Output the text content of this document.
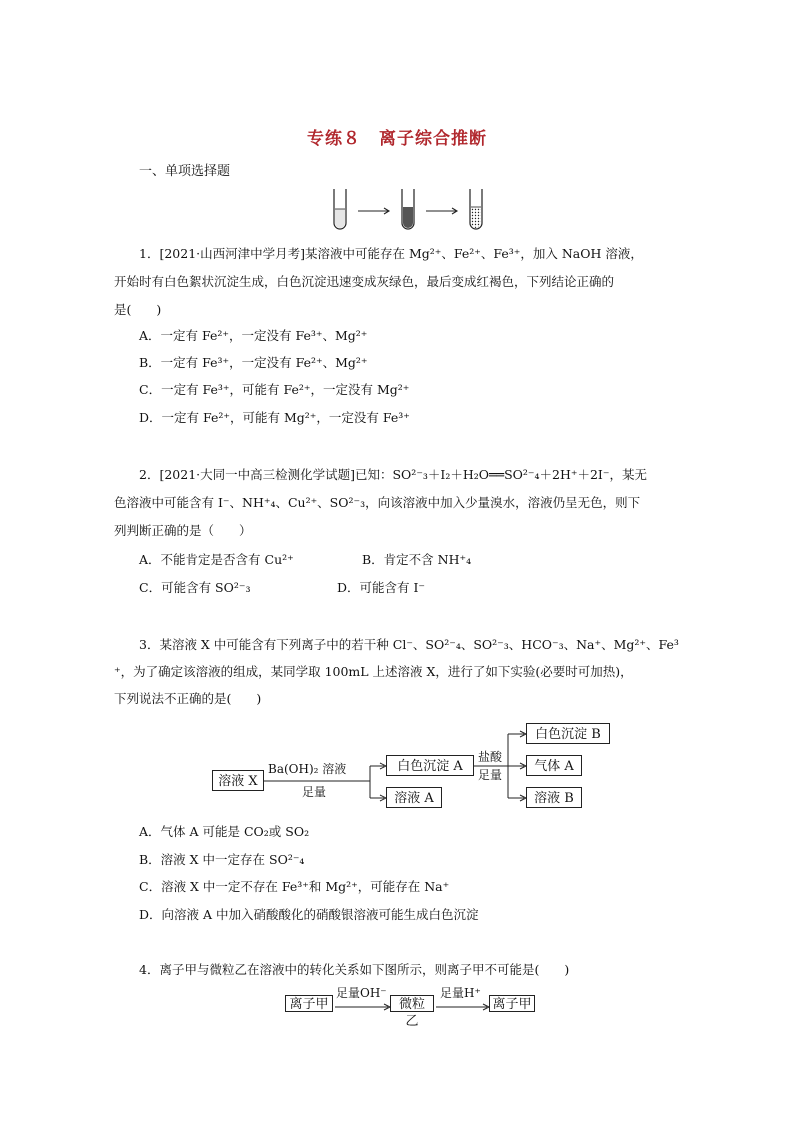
专练８　离子综合推断
一、单项选择题
1．[2021·山西河津中学月考]某溶液中可能存在 Mg²⁺、Fe²⁺、Fe³⁺，加入 NaOH 溶液，
开始时有白色絮状沉淀生成，白色沉淀迅速变成灰绿色，最后变成红褐色，下列结论正确的
是(　　)
A．一定有 Fe²⁺，一定没有 Fe³⁺、Mg²⁺
B．一定有 Fe³⁺，一定没有 Fe²⁺、Mg²⁺
C．一定有 Fe³⁺，可能有 Fe²⁺，一定没有 Mg²⁺
D．一定有 Fe²⁺，可能有 Mg²⁺，一定没有 Fe³⁺
2．[2021·大同一中高三检测化学试题]已知：SO²⁻₃＋I₂＋H₂O══SO²⁻₄＋2H⁺＋2I⁻，某无
色溶液中可能含有 I⁻、NH⁺₄、Cu²⁺、SO²⁻₃，向该溶液中加入少量溴水，溶液仍呈无色，则下
列判断正确的是（　　）
A．不能肯定是否含有 Cu²⁺	B．肯定不含 NH⁺₄
C．可能含有 SO²⁻₃	D．可能含有 I⁻
3．某溶液 X 中可能含有下列离子中的若干种 Cl⁻、SO²⁻₄、SO²⁻₃、HCO⁻₃、Na⁺、Mg²⁺、Fe³
⁺，为了确定该溶液的组成，某同学取 100mL 上述溶液 X，进行了如下实验(必要时可加热)，
下列说法不正确的是(　　)
溶液 X
Ba(OH)₂ 溶液
足量
白色沉淀 A
溶液 A
盐酸
足量
白色沉淀 B
气体 A
溶液 B
A．气体 A 可能是 CO₂或 SO₂
B．溶液 X 中一定存在 SO²⁻₄
C．溶液 X 中一定不存在 Fe³⁺和 Mg²⁺，可能存在 Na⁺
D．向溶液 A 中加入硝酸酸化的硝酸银溶液可能生成白色沉淀
4．离子甲与微粒乙在溶液中的转化关系如下图所示，则离子甲不可能是(　　)
离子甲
足量OH⁻
微粒乙
足量H⁺
离子甲
